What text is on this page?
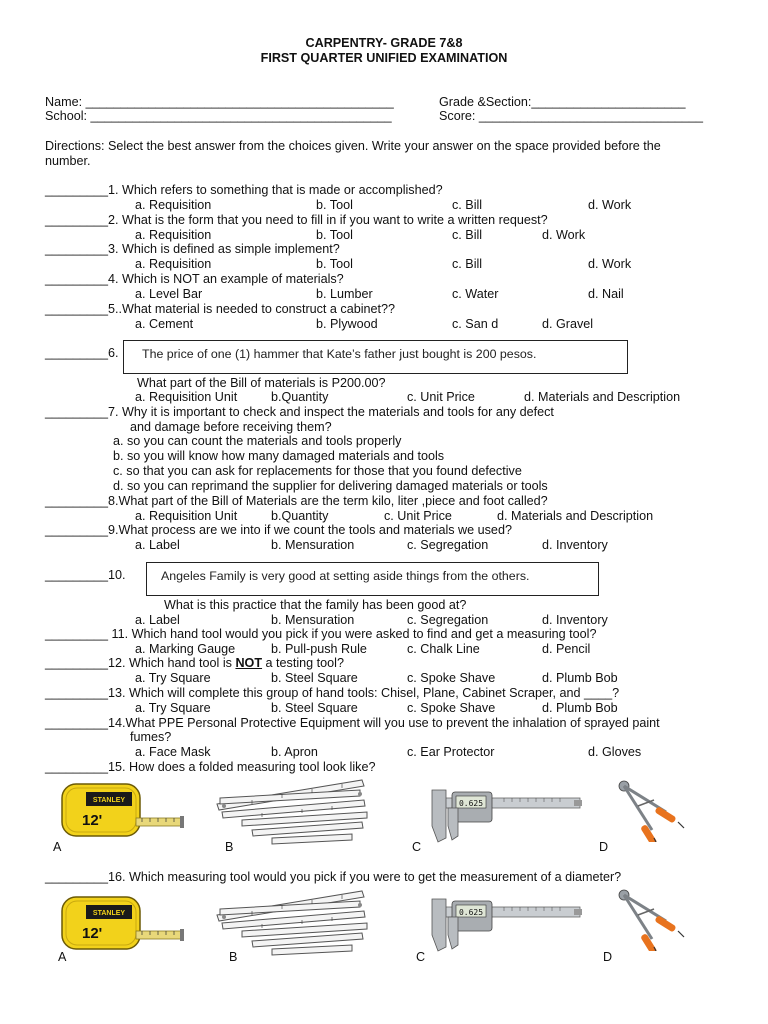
CARPENTRY- GRADE 7&8
FIRST QUARTER UNIFIED EXAMINATION
Name: ____________________________________________	Grade &Section:______________________
School: ___________________________________________	Score: ________________________________
Directions: Select the best answer from the choices given. Write your answer on the space provided before the
number.
_________1. Which refers to something that is made or accomplished?
a. Requisition	b. Tool	c. Bill	d. Work
_________2. What is the form that you need to fill in if you want to write a written request?
a. Requisition	b. Tool	c. Bill	d. Work
_________3. Which is defined as simple implement?
a. Requisition	b. Tool	c. Bill	d. Work
_________4. Which is NOT an example of materials?
a. Level Bar	b. Lumber	c. Water	d. Nail
_________5..What material is needed to construct a cabinet??
a. Cement	b. Plywood	c. San d	d. Gravel
_________6. The price of one (1) hammer that Kate’s father just bought is 200 pesos.
What part of the Bill of materials is P200.00?
a. Requisition Unit	b.Quantity	c. Unit Price	d. Materials and Description
_________7. Why it is important to check and inspect the materials and tools for any defect
and damage before receiving them?
a. so you can count the materials and tools properly
b. so you will know how many damaged materials and tools
c. so that you can ask for replacements for those that you found defective
d. so you can reprimand the supplier for delivering damaged materials or tools
_________8.What part of the Bill of Materials are the term kilo, liter ,piece and foot called?
a. Requisition Unit	b.Quantity	c. Unit Price	d. Materials and Description
_________9.What process are we into if we count the tools and materials we used?
a. Label	b. Mensuration	c. Segregation	d. Inventory
_________10.	Angeles Family is very good at setting aside things from the others.
What is this practice that the family has been good at?
a. Label	b. Mensuration	c. Segregation	d. Inventory
_________ 11. Which hand tool would you pick if you were asked to find and get a measuring tool?
a. Marking Gauge	b. Pull-push Rule	c. Chalk Line	d. Pencil
_________12. Which hand tool is NOT a testing tool?
a. Try Square	b. Steel Square	c. Spoke Shave	d. Plumb Bob
_________13. Which will complete this group of hand tools: Chisel, Plane, Cabinet Scraper, and ____?
a. Try Square	b. Steel Square	c. Spoke Shave	d. Plumb Bob
_________14.What PPE Personal Protective Equipment will you use to prevent the inhalation of sprayed paint
fumes?
a. Face Mask	b. Apron	c. Ear Protector	d. Gloves
_________15. How does a folded measuring tool look like?
STANLEY
12'
0.625
A	B	C	D
_________16. Which measuring tool would you pick if you were to get the measurement of a diameter?
STANLEY
12'
0.625
A	B	C	D
